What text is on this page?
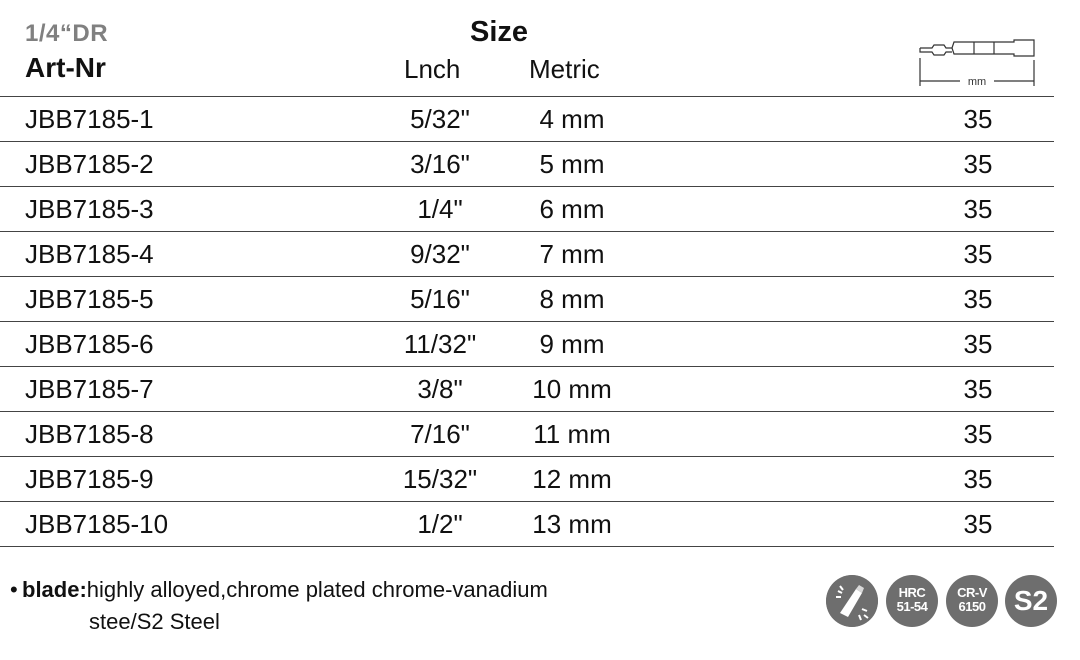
1/4“DR
Art-Nr
Size
Lnch	Metric	mm
JBB7185-1	5/32"	4 mm	35
JBB7185-2	3/16"	5 mm	35
JBB7185-3	1/4"	6 mm	35
JBB7185-4	9/32"	7 mm	35
JBB7185-5	5/16"	8 mm	35
JBB7185-6	11/32"	9 mm	35
JBB7185-7	3/8"	10 mm	35
JBB7185-8	7/16"	11 mm	35
JBB7185-9	15/32"	12 mm	35
JBB7185-10	1/2"	13 mm	35
• blade:highly alloyed,chrome plated chrome-vanadium
stee/S2 Steel
HRC
51-54
CR-V
6150	S2
